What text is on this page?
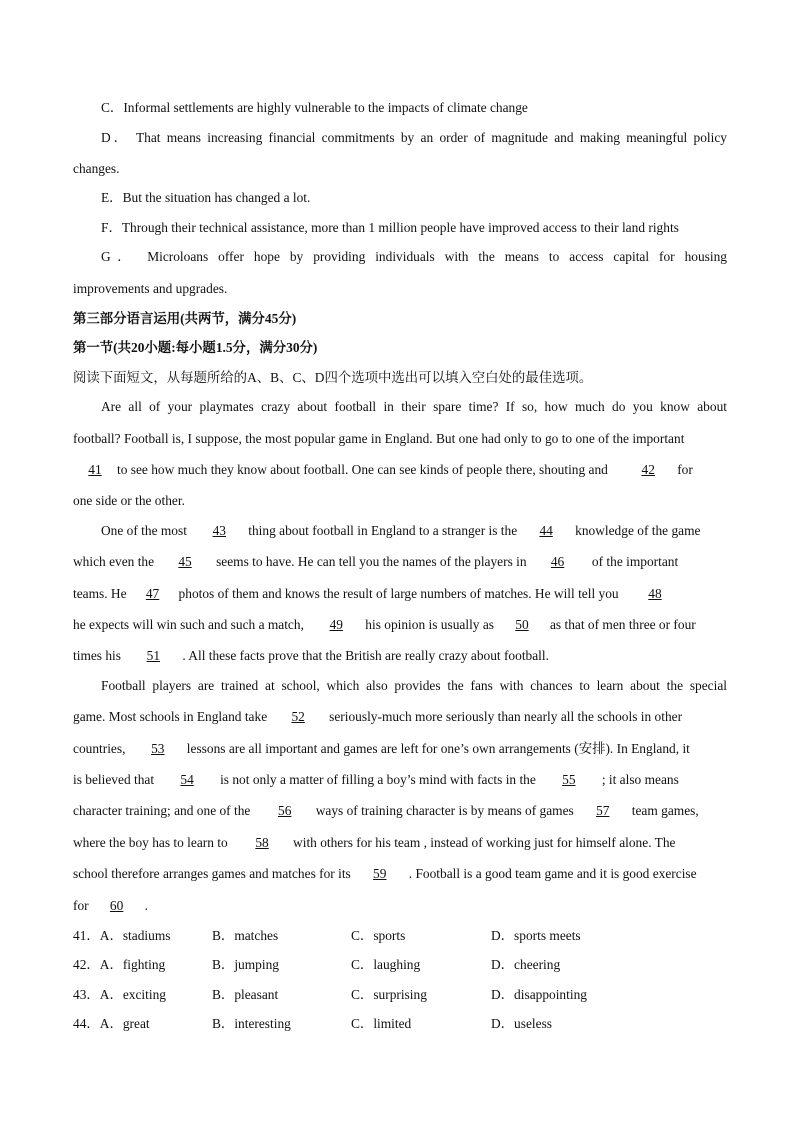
C．Informal settlements are highly vulnerable to the impacts of climate change
D． That means increasing financial commitments by an order of magnitude and making meaningful policy
changes.
E．But the situation has changed a lot.
F．Through their technical assistance, more than 1 million people have improved access to their land rights
G． Microloans offer hope by providing individuals with the means to access capital for housing
improvements and upgrades.
第三部分语言运用(共两节，满分45分)
第一节(共20小题:每小题1.5分，满分30分)
阅读下面短文，从每题所给的A、B、C、D四个选项中选出可以填入空白处的最佳选项。
Are all of your playmates crazy about football in their spare time? If so, how much do you know about
football? Football is, I suppose, the most popular game in England. But one had only to go to one of the important
41 to see how much they know about football. One can see kinds of people there, shouting and 42 for
one side or the other.
One of the most 43 thing about football in England to a stranger is the 44 knowledge of the game
which even the 45 seems to have. He can tell you the names of the players in 46 of the important
teams. He 47 photos of them and knows the result of large numbers of matches. He will tell you 48
he expects will win such and such a match, 49 his opinion is usually as 50 as that of men three or four
times his 51 . All these facts prove that the British are really crazy about football.
Football players are trained at school, which also provides the fans with chances to learn about the special
game. Most schools in England take 52 seriously-much more seriously than nearly all the schools in other
countries, 53 lessons are all important and games are left for one’s own arrangements (安排). In England, it
is believed that 54 is not only a matter of filling a boy’s mind with facts in the 55 ; it also means
character training; and one of the 56 ways of training character is by means of games 57 team games,
where the boy has to learn to 58 with others for his team , instead of working just for himself alone. The
school therefore arranges games and matches for its 59 . Football is a good team game and it is good exercise
for 60 .
41．A．stadiums	B．matches	C．sports	D．sports meets
42．A．fighting	B．jumping	C．laughing	D．cheering
43．A．exciting	B．pleasant	C．surprising	D．disappointing
44．A．great	B．interesting	C．limited	D．useless
